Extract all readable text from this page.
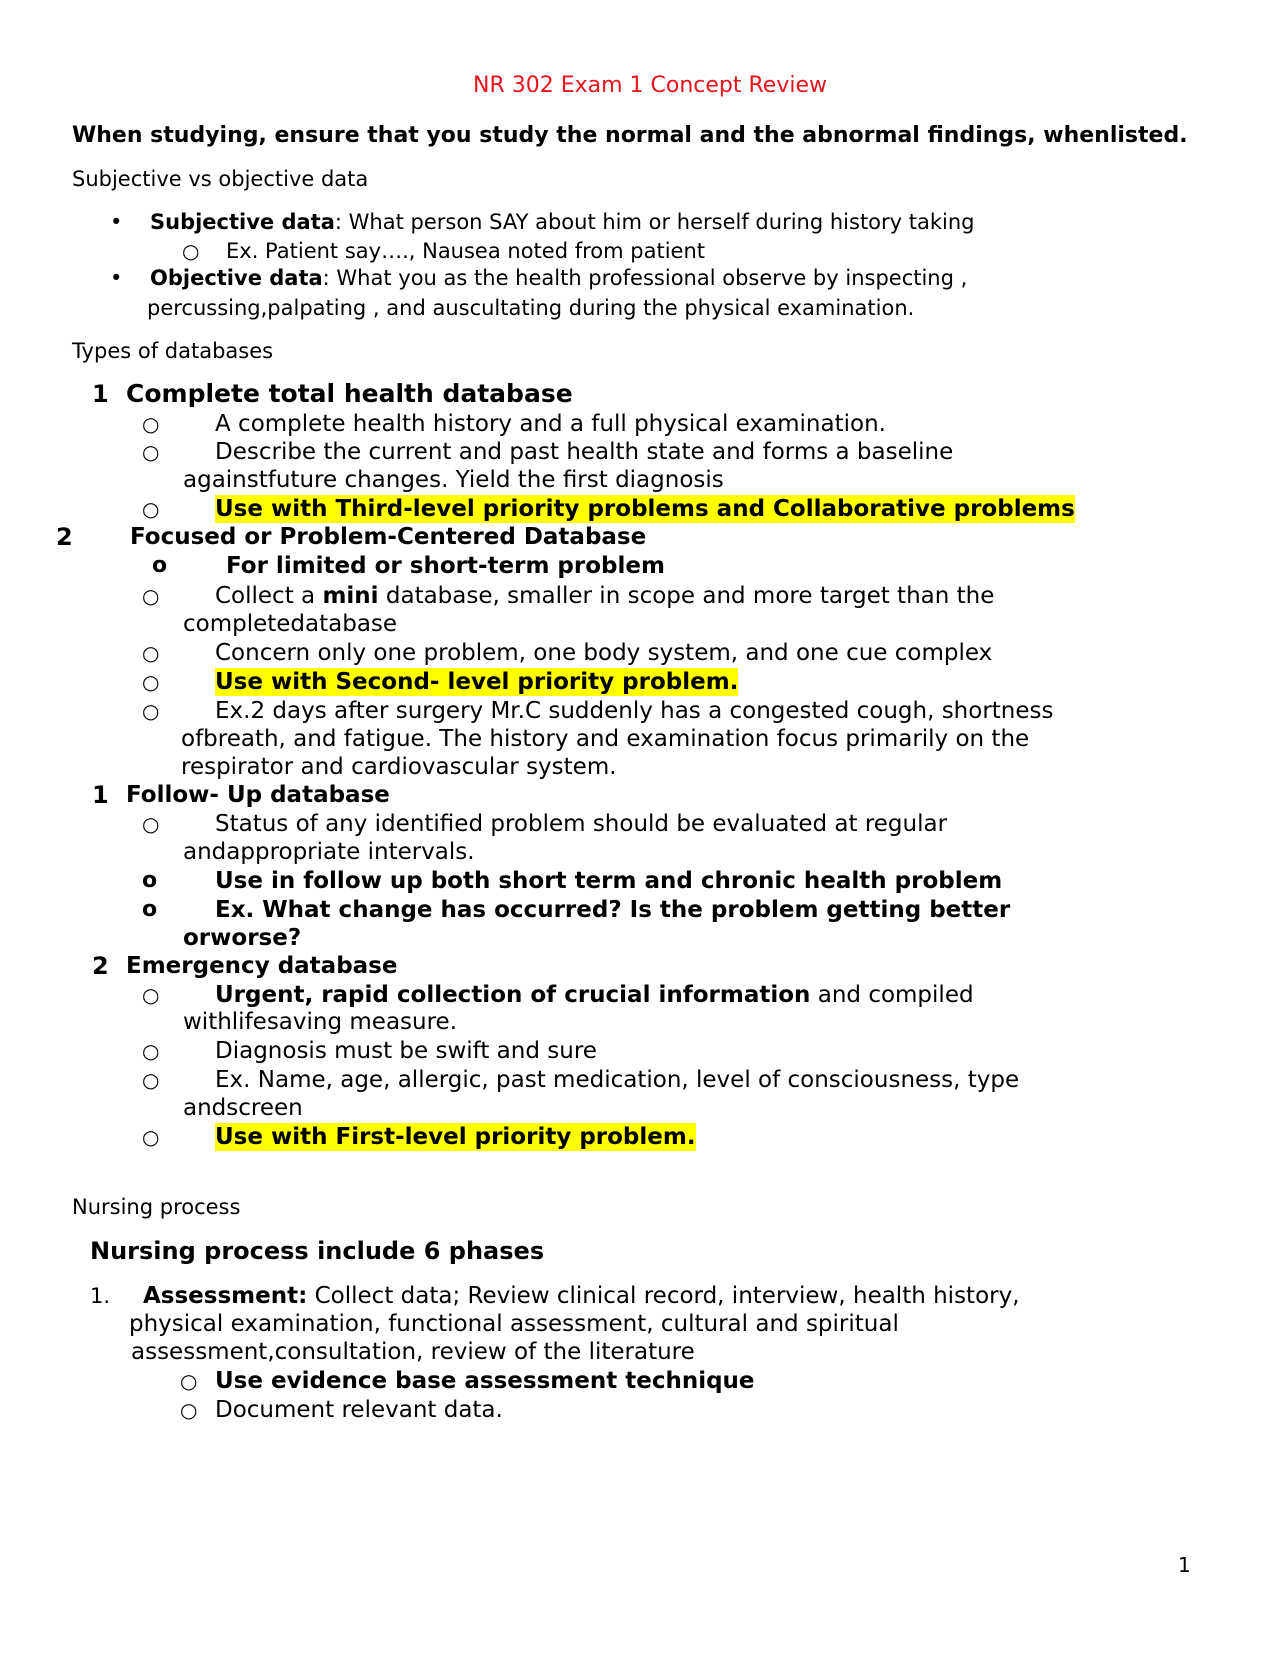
NR 302 Exam 1 Concept Review
When studying, ensure that you study the normal and the abnormal findings, whenlisted.
Subjective vs objective data
• Subjective data: What person SAY about him or herself during history taking
○ Ex. Patient say…., Nausea noted from patient
• Objective data: What you as the health professional observe by inspecting ,
percussing,palpating , and auscultating during the physical examination.
Types of databases
1 Complete total health database
○ A complete health history and a full physical examination.
○ Describe the current and past health state and forms a baseline
againstfuture changes. Yield the first diagnosis
○ Use with Third-level priority problems and Collaborative problems
2 Focused or Problem-Centered Database
o	For limited or short-term problem
○ Collect a mini database, smaller in scope and more target than the
completedatabase
○ Concern only one problem, one body system, and one cue complex
○ Use with Second- level priority problem.
○ Ex.2 days after surgery Mr.C suddenly has a congested cough, shortness
ofbreath, and fatigue. The history and examination focus primarily on the
respirator and cardiovascular system.
1 Follow- Up database
○ Status of any identified problem should be evaluated at regular
andappropriate intervals.
o	Use in follow up both short term and chronic health problem
o	Ex. What change has occurred? Is the problem getting better
orworse?
2 Emergency database
○ Urgent, rapid collection of crucial information and compiled
withlifesaving measure.
○ Diagnosis must be swift and sure
○ Ex. Name, age, allergic, past medication, level of consciousness, type
andscreen
○ Use with First-level priority problem.
Nursing process
Nursing process include 6 phases
1. Assessment: Collect data; Review clinical record, interview, health history,
physical examination, functional assessment, cultural and spiritual
assessment,consultation, review of the literature
○ Use evidence base assessment technique
○ Document relevant data.
1
